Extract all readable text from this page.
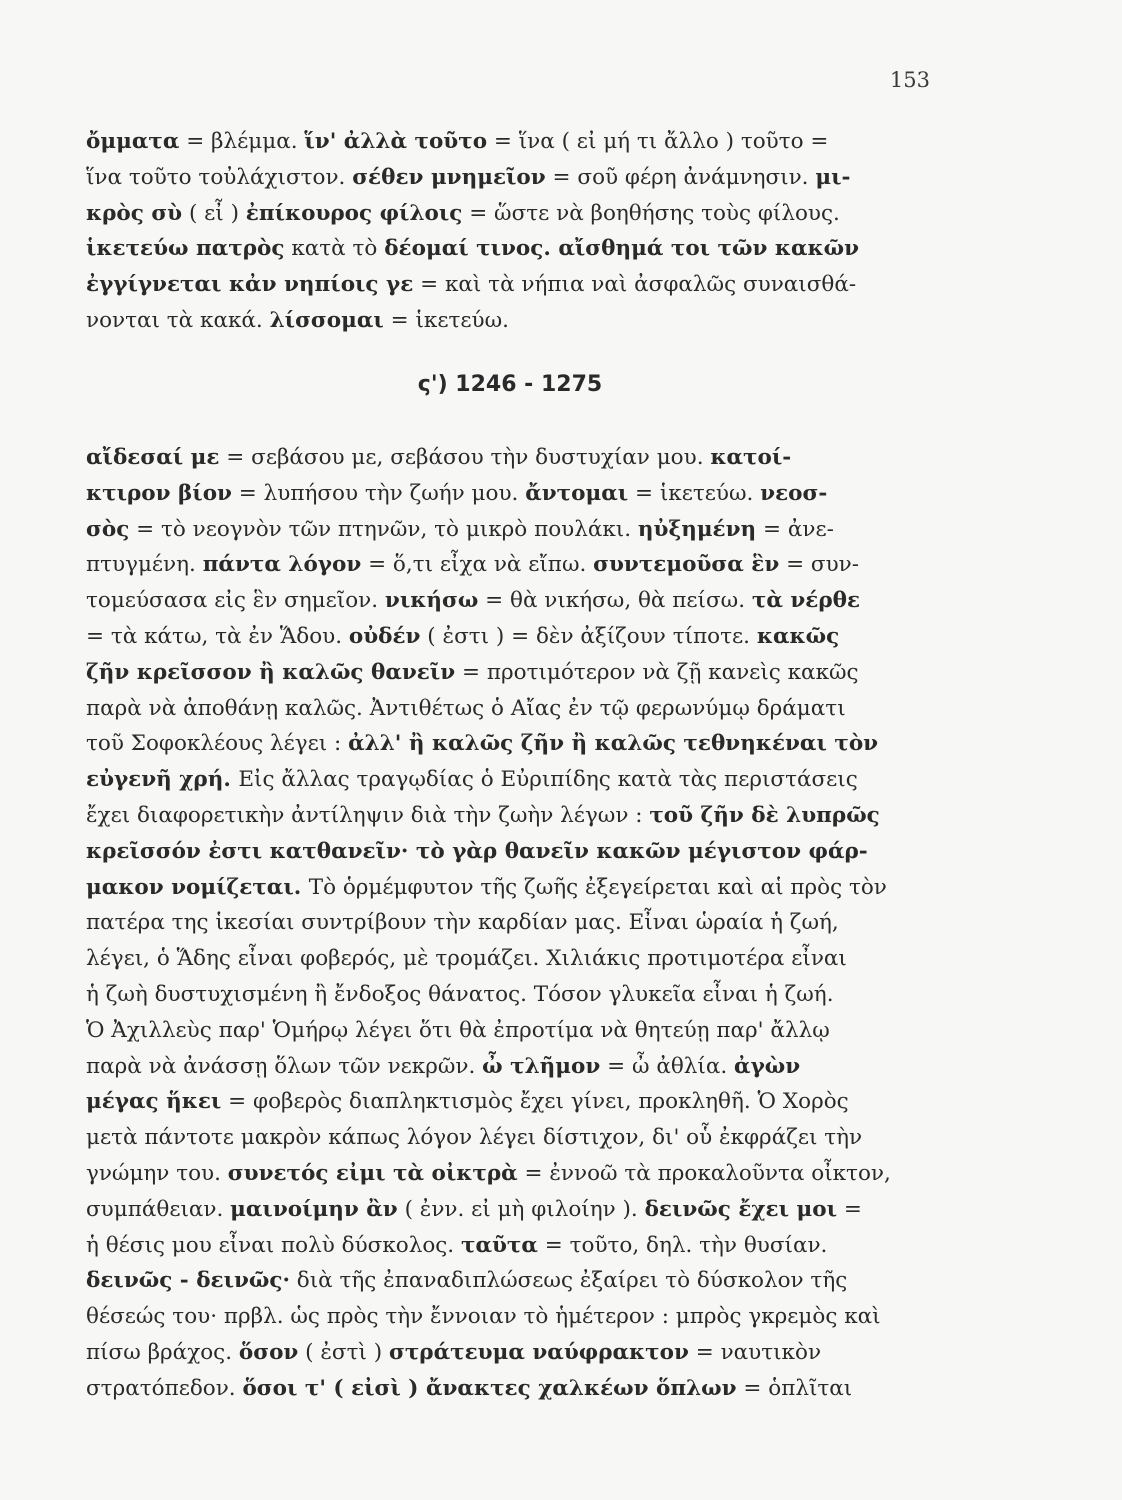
153
ὄμματα = βλέμμα. ἵν' ἀλλὰ τοῦτο = ἵνα ( εἰ μή τι ἄλλο ) τοῦτο =
ἵνα τοῦτο τοὐλάχιστον. σέθεν μνημεῖον = σοῦ φέρη ἀνάμνησιν. μι-
κρὸς σὺ ( εἶ ) ἐπίκουρος φίλοις = ὥστε νὰ βοηθήσης τοὺς φίλους.
ἱκετεύω πατρὸς κατὰ τὸ δέομαί τινος. αἴσθημά τοι τῶν κακῶν
ἐγγίγνεται κἀν νηπίοις γε = καὶ τὰ νήπια ναὶ ἀσφαλῶς συναισθά-
νονται τὰ κακά. λίσσομαι = ἱκετεύω.
ς') 1246 - 1275
αἴδεσαί με = σεβάσου με, σεβάσου τὴν δυστυχίαν μου. κατοί-
κτιρον βίον = λυπήσου τὴν ζωήν μου. ἄντομαι = ἱκετεύω. νεοσ-
σὸς = τὸ νεογνὸν τῶν πτηνῶν, τὸ μικρὸ πουλάκι. ηὐξημένη = ἀνε-
πτυγμένη. πάντα λόγον = ὅ,τι εἶχα νὰ εἴπω. συντεμοῦσα ἓν = συν-
τομεύσασα εἰς ἓν σημεῖον. νικήσω = θὰ νικήσω, θὰ πείσω. τὰ νέρθε
= τὰ κάτω, τὰ ἐν Ἅδου. οὐδέν ( ἐστι ) = δὲν ἀξίζουν τίποτε. κακῶς
ζῆν κρεῖσσον ἢ καλῶς θανεῖν = προτιμότερον νὰ ζῇ κανεὶς κακῶς
παρὰ νὰ ἀποθάνῃ καλῶς. Ἀντιθέτως ὁ Αἴας ἐν τῷ φερωνύμῳ δράματι
τοῦ Σοφοκλέους λέγει : ἀλλ' ἢ καλῶς ζῆν ἢ καλῶς τεθνηκέναι τὸν
εὐγενῆ χρή. Εἰς ἄλλας τραγῳδίας ὁ Εὐριπίδης κατὰ τὰς περιστάσεις
ἔχει διαφορετικὴν ἀντίληψιν διὰ τὴν ζωὴν λέγων : τοῦ ζῆν δὲ λυπρῶς
κρεῖσσόν ἐστι κατθανεῖν· τὸ γὰρ θανεῖν κακῶν μέγιστον φάρ-
μακον νομίζεται. Τὸ ὁρμέμφυτον τῆς ζωῆς ἐξεγείρεται καὶ αἱ πρὸς τὸν
πατέρα της ἱκεσίαι συντρίβουν τὴν καρδίαν μας. Εἶναι ὡραία ἡ ζωή,
λέγει, ὁ Ἅδης εἶναι φοβερός, μὲ τρομάζει. Χιλιάκις προτιμοτέρα εἶναι
ἡ ζωὴ δυστυχισμένη ἢ ἔνδοξος θάνατος. Τόσον γλυκεῖα εἶναι ἡ ζωή.
Ὁ Ἀχιλλεὺς παρ' Ὁμήρῳ λέγει ὅτι θὰ ἐπροτίμα νὰ θητεύῃ παρ' ἄλλῳ
παρὰ νὰ ἀνάσσῃ ὅλων τῶν νεκρῶν. ὦ τλῆμον = ὦ ἀθλία. ἀγὼν
μέγας ἥκει = φοβερὸς διαπληκτισμὸς ἔχει γίνει, προκληθῆ. Ὁ Χορὸς
μετὰ πάντοτε μακρὸν κάπως λόγον λέγει δίστιχον, δι' οὗ ἐκφράζει τὴν
γνώμην του. συνετός εἰμι τὰ οἰκτρὰ = ἐννοῶ τὰ προκαλοῦντα οἶκτον,
συμπάθειαν. μαινοίμην ἂν ( ἐνν. εἰ μὴ φιλοίην ). δεινῶς ἔχει μοι =
ἡ θέσις μου εἶναι πολὺ δύσκολος. ταῦτα = τοῦτο, δηλ. τὴν θυσίαν.
δεινῶς - δεινῶς· διὰ τῆς ἐπαναδιπλώσεως ἐξαίρει τὸ δύσκολον τῆς
θέσεώς του· πρβλ. ὡς πρὸς τὴν ἔννοιαν τὸ ἡμέτερον : μπρὸς γκρεμὸς καὶ
πίσω βράχος. ὅσον ( ἐστὶ ) στράτευμα ναύφρακτον = ναυτικὸν
στρατόπεδον. ὅσοι τ' ( εἰσὶ ) ἄνακτες χαλκέων ὅπλων = ὁπλῖται
